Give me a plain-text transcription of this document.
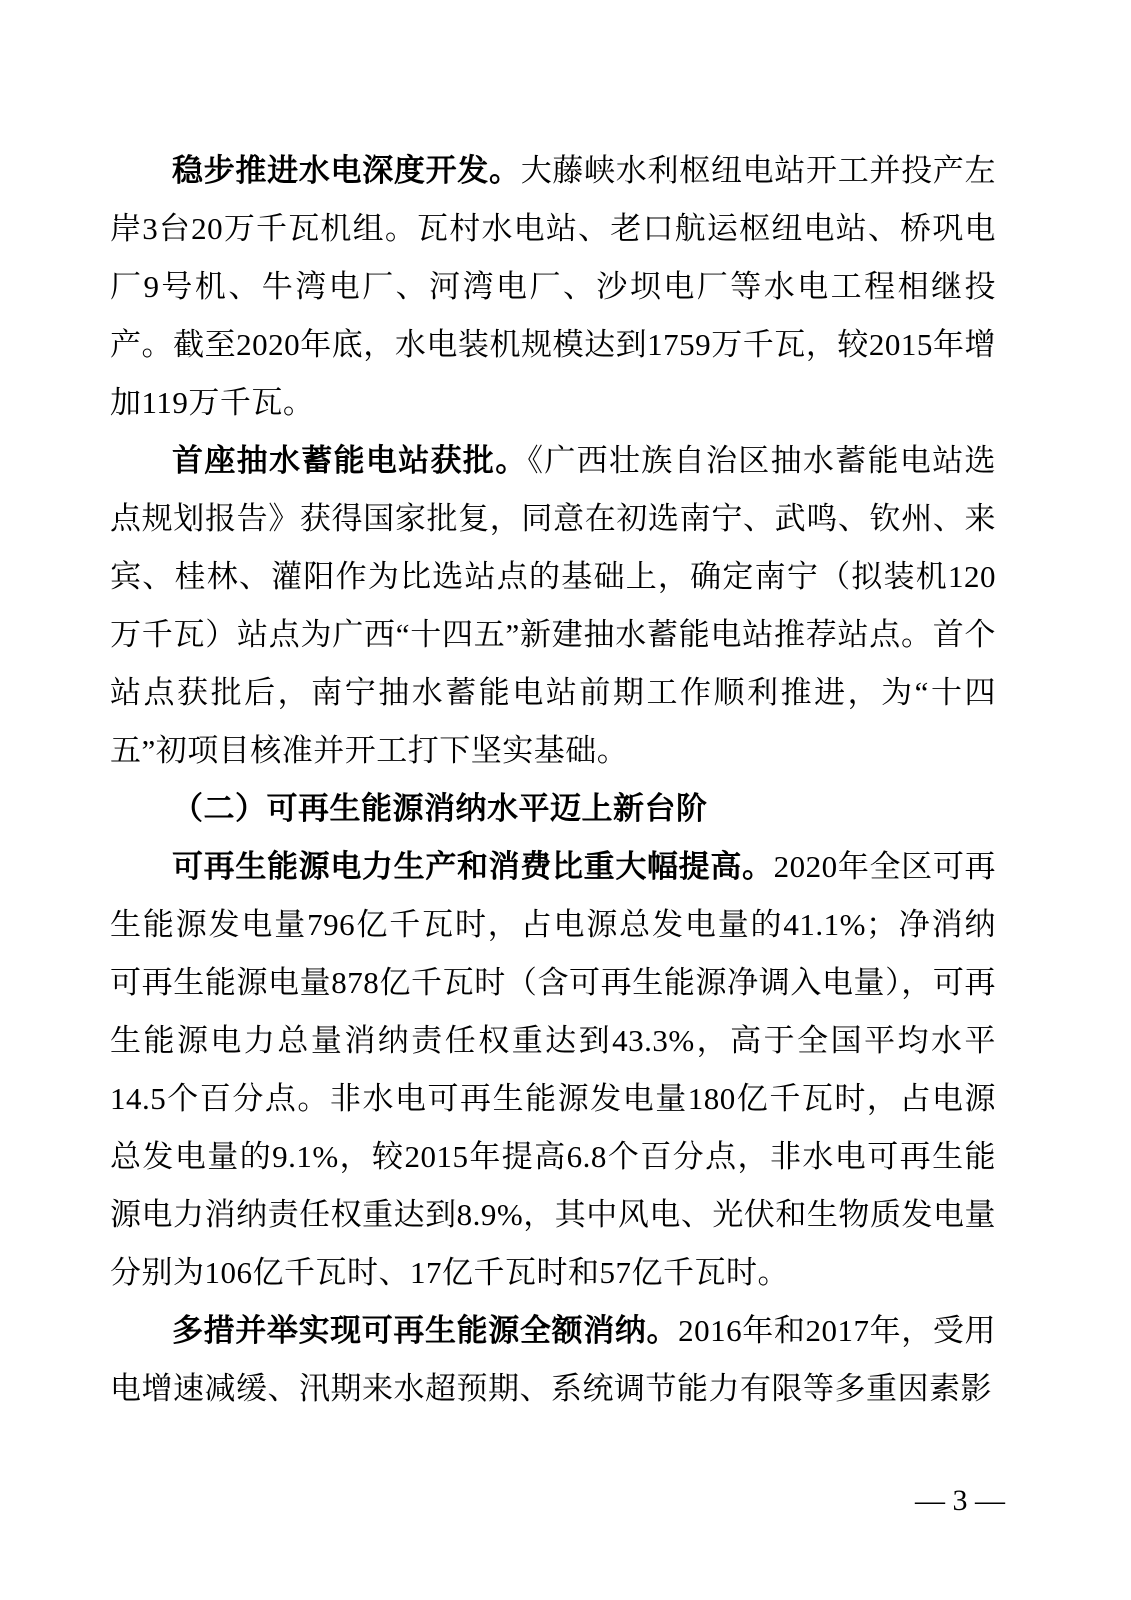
稳步推进水电深度开发。大藤峡水利枢纽电站开工并投产左岸3台20万千瓦机组。瓦村水电站、老口航运枢纽电站、桥巩电厂9号机、牛湾电厂、河湾电厂、沙坝电厂等水电工程相继投产。截至2020年底，水电装机规模达到1759万千瓦，较2015年增加119万千瓦。

首座抽水蓄能电站获批。《广西壮族自治区抽水蓄能电站选点规划报告》获得国家批复，同意在初选南宁、武鸣、钦州、来宾、桂林、灌阳作为比选站点的基础上，确定南宁（拟装机120万千瓦）站点为广西“十四五”新建抽水蓄能电站推荐站点。首个站点获批后，南宁抽水蓄能电站前期工作顺利推进，为“十四五”初项目核准并开工打下坚实基础。

（二）可再生能源消纳水平迈上新台阶

可再生能源电力生产和消费比重大幅提高。2020年全区可再生能源发电量796亿千瓦时，占电源总发电量的41.1%；净消纳可再生能源电量878亿千瓦时（含可再生能源净调入电量），可再生能源电力总量消纳责任权重达到43.3%，高于全国平均水平14.5个百分点。非水电可再生能源发电量180亿千瓦时，占电源总发电量的9.1%，较2015年提高6.8个百分点，非水电可再生能源电力消纳责任权重达到8.9%，其中风电、光伏和生物质发电量分别为106亿千瓦时、17亿千瓦时和57亿千瓦时。

多措并举实现可再生能源全额消纳。2016年和2017年，受用电增速减缓、汛期来水超预期、系统调节能力有限等多重因素影

— 3 —
